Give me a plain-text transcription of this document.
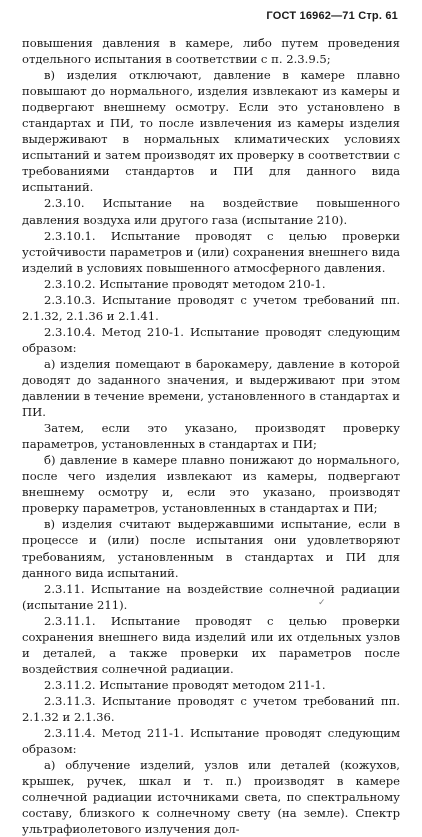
ГОСТ 16962—71 Стр. 61

повышения давления в камере, либо путем проведения отдельного испытания в соответствии с п. 2.3.9.5;

в) изделия отключают, давление в камере плавно повышают до нормального, изделия извлекают из камеры и подвергают внешнему осмотру. Если это установлено в стандартах и ПИ, то после извлечения из камеры изделия выдерживают в нормальных климатических условиях испытаний и затем производят их проверку в соответствии с требованиями стандартов и ПИ для данного вида испытаний.

2.3.10. Испытание на воздействие повышенного давления воздуха или другого газа (испытание 210).

2.3.10.1. Испытание проводят с целью проверки устойчивости параметров и (или) сохранения внешнего вида изделий в условиях повышенного атмосферного давления.

2.3.10.2. Испытание проводят методом 210-1.

2.3.10.3. Испытание проводят с учетом требований пп. 2.1.32, 2.1.36 и 2.1.41.

2.3.10.4. Метод 210-1. Испытание проводят следующим образом:

а) изделия помещают в барокамеру, давление в которой доводят до заданного значения, и выдерживают при этом давлении в течение времени, установленного в стандартах и ПИ.

Затем, если это указано, производят проверку параметров, установленных в стандартах и ПИ;

б) давление в камере плавно понижают до нормального, после чего изделия извлекают из камеры, подвергают внешнему осмотру и, если это указано, производят проверку параметров, установленных в стандартах и ПИ;

в) изделия считают выдержавшими испытание, если в процессе и (или) после испытания они удовлетворяют требованиям, установленным в стандартах и ПИ для данного вида испытаний.

2.3.11. Испытание на воздействие солнечной радиации (испытание 211).

2.3.11.1. Испытание проводят с целью проверки сохранения внешнего вида изделий или их отдельных узлов и деталей, а также проверки их параметров после воздействия солнечной радиации.

2.3.11.2. Испытание проводят методом 211-1.

2.3.11.3. Испытание проводят с учетом требований пп. 2.1.32 и 2.1.36.

2.3.11.4. Метод 211-1. Испытание проводят следующим образом:

а) облучение изделий, узлов или деталей (кожухов, крышек, ручек, шкал и т. п.) производят в камере солнечной радиации источниками света, по спектральному составу, близкого к солнечному свету (на земле). Спектр ультрафиолетового излучения дол-

✓
